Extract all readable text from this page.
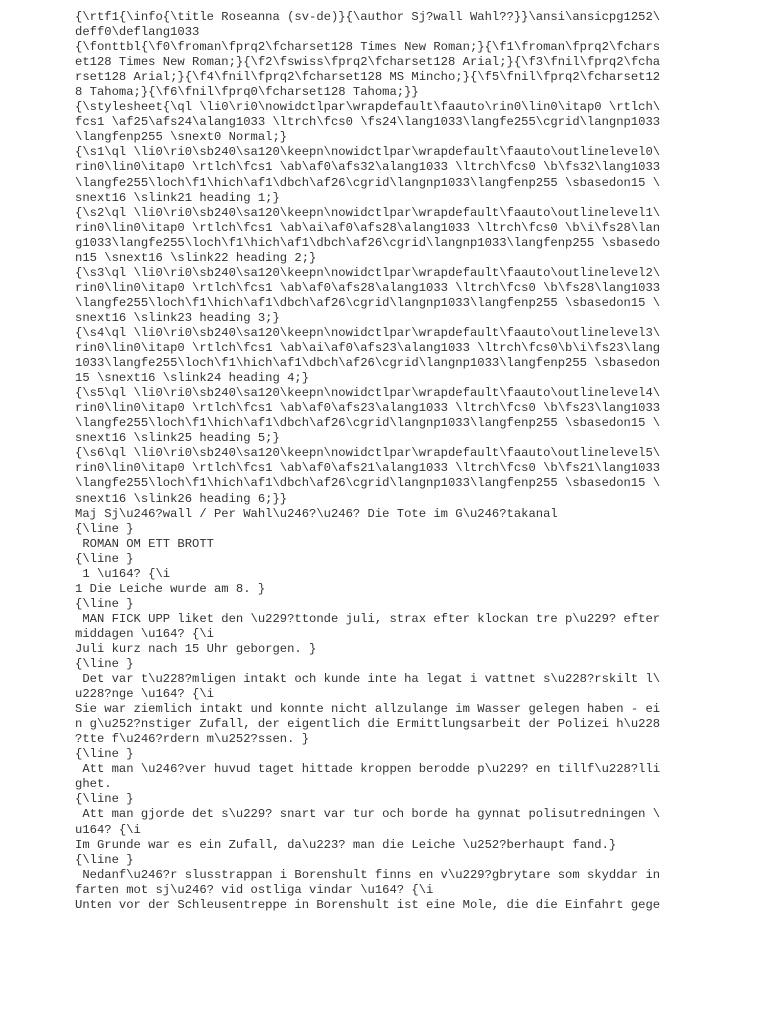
{\rtf1{\info{\title Roseanna (sv-de)}{\author Sj?wall Wahl??}}\ansi\ansicpg1252\
deff0\deflang1033
{\fonttbl{\f0\froman\fprq2\fcharset128 Times New Roman;}{\f1\froman\fprq2\fchars
et128 Times New Roman;}{\f2\fswiss\fprq2\fcharset128 Arial;}{\f3\fnil\fprq2\fcha
rset128 Arial;}{\f4\fnil\fprq2\fcharset128 MS Mincho;}{\f5\fnil\fprq2\fcharset12
8 Tahoma;}{\f6\fnil\fprq0\fcharset128 Tahoma;}}
{\stylesheet{\ql \li0\ri0\nowidctlpar\wrapdefault\faauto\rin0\lin0\itap0 \rtlch\
fcs1 \af25\afs24\alang1033 \ltrch\fcs0 \fs24\lang1033\langfe255\cgrid\langnp1033
\langfenp255 \snext0 Normal;}
{\s1\ql \li0\ri0\sb240\sa120\keepn\nowidctlpar\wrapdefault\faauto\outlinelevel0\
rin0\lin0\itap0 \rtlch\fcs1 \ab\af0\afs32\alang1033 \ltrch\fcs0 \b\fs32\lang1033
\langfe255\loch\f1\hich\af1\dbch\af26\cgrid\langnp1033\langfenp255 \sbasedon15 \
snext16 \slink21 heading 1;}
{\s2\ql \li0\ri0\sb240\sa120\keepn\nowidctlpar\wrapdefault\faauto\outlinelevel1\
rin0\lin0\itap0 \rtlch\fcs1 \ab\ai\af0\afs28\alang1033 \ltrch\fcs0 \b\i\fs28\lan
g1033\langfe255\loch\f1\hich\af1\dbch\af26\cgrid\langnp1033\langfenp255 \sbasedo
n15 \snext16 \slink22 heading 2;}
{\s3\ql \li0\ri0\sb240\sa120\keepn\nowidctlpar\wrapdefault\faauto\outlinelevel2\
rin0\lin0\itap0 \rtlch\fcs1 \ab\af0\afs28\alang1033 \ltrch\fcs0 \b\fs28\lang1033
\langfe255\loch\f1\hich\af1\dbch\af26\cgrid\langnp1033\langfenp255 \sbasedon15 \
snext16 \slink23 heading 3;}
{\s4\ql \li0\ri0\sb240\sa120\keepn\nowidctlpar\wrapdefault\faauto\outlinelevel3\
rin0\lin0\itap0 \rtlch\fcs1 \ab\ai\af0\afs23\alang1033 \ltrch\fcs0\b\i\fs23\lang
1033\langfe255\loch\f1\hich\af1\dbch\af26\cgrid\langnp1033\langfenp255 \sbasedon
15 \snext16 \slink24 heading 4;}
{\s5\ql \li0\ri0\sb240\sa120\keepn\nowidctlpar\wrapdefault\faauto\outlinelevel4\
rin0\lin0\itap0 \rtlch\fcs1 \ab\af0\afs23\alang1033 \ltrch\fcs0 \b\fs23\lang1033
\langfe255\loch\f1\hich\af1\dbch\af26\cgrid\langnp1033\langfenp255 \sbasedon15 \
snext16 \slink25 heading 5;}
{\s6\ql \li0\ri0\sb240\sa120\keepn\nowidctlpar\wrapdefault\faauto\outlinelevel5\
rin0\lin0\itap0 \rtlch\fcs1 \ab\af0\afs21\alang1033 \ltrch\fcs0 \b\fs21\lang1033
\langfe255\loch\f1\hich\af1\dbch\af26\cgrid\langnp1033\langfenp255 \sbasedon15 \
snext16 \slink26 heading 6;}}
Maj Sj\u246?wall / Per Wahl\u246?\u246? Die Tote im G\u246?takanal
{\line }
ROMAN OM ETT BROTT
{\line }
1 \u164? {\i
1 Die Leiche wurde am 8. }
{\line }
MAN FICK UPP liket den \u229?ttonde juli, strax efter klockan tre p\u229? efter
middagen \u164? {\i
Juli kurz nach 15 Uhr geborgen. }
{\line }
Det var t\u228?mligen intakt och kunde inte ha legat i vattnet s\u228?rskilt l\
u228?nge \u164? {\i
Sie war ziemlich intakt und konnte nicht allzulange im Wasser gelegen haben - ei
n g\u252?nstiger Zufall, der eigentlich die Ermittlungsarbeit der Polizei h\u228
?tte f\u246?rdern m\u252?ssen. }
{\line }
Att man \u246?ver huvud taget hittade kroppen berodde p\u229? en tillf\u228?lli
ghet.
{\line }
Att man gjorde det s\u229? snart var tur och borde ha gynnat polisutredningen \
u164? {\i
Im Grunde war es ein Zufall, da\u223? man die Leiche \u252?berhaupt fand.}
{\line }
Nedanf\u246?r slusstrappan i Borenshult finns en v\u229?gbrytare som skyddar in
farten mot sj\u246? vid ostliga vindar \u164? {\i
Unten vor der Schleusentreppe in Borenshult ist eine Mole, die die Einfahrt gege
